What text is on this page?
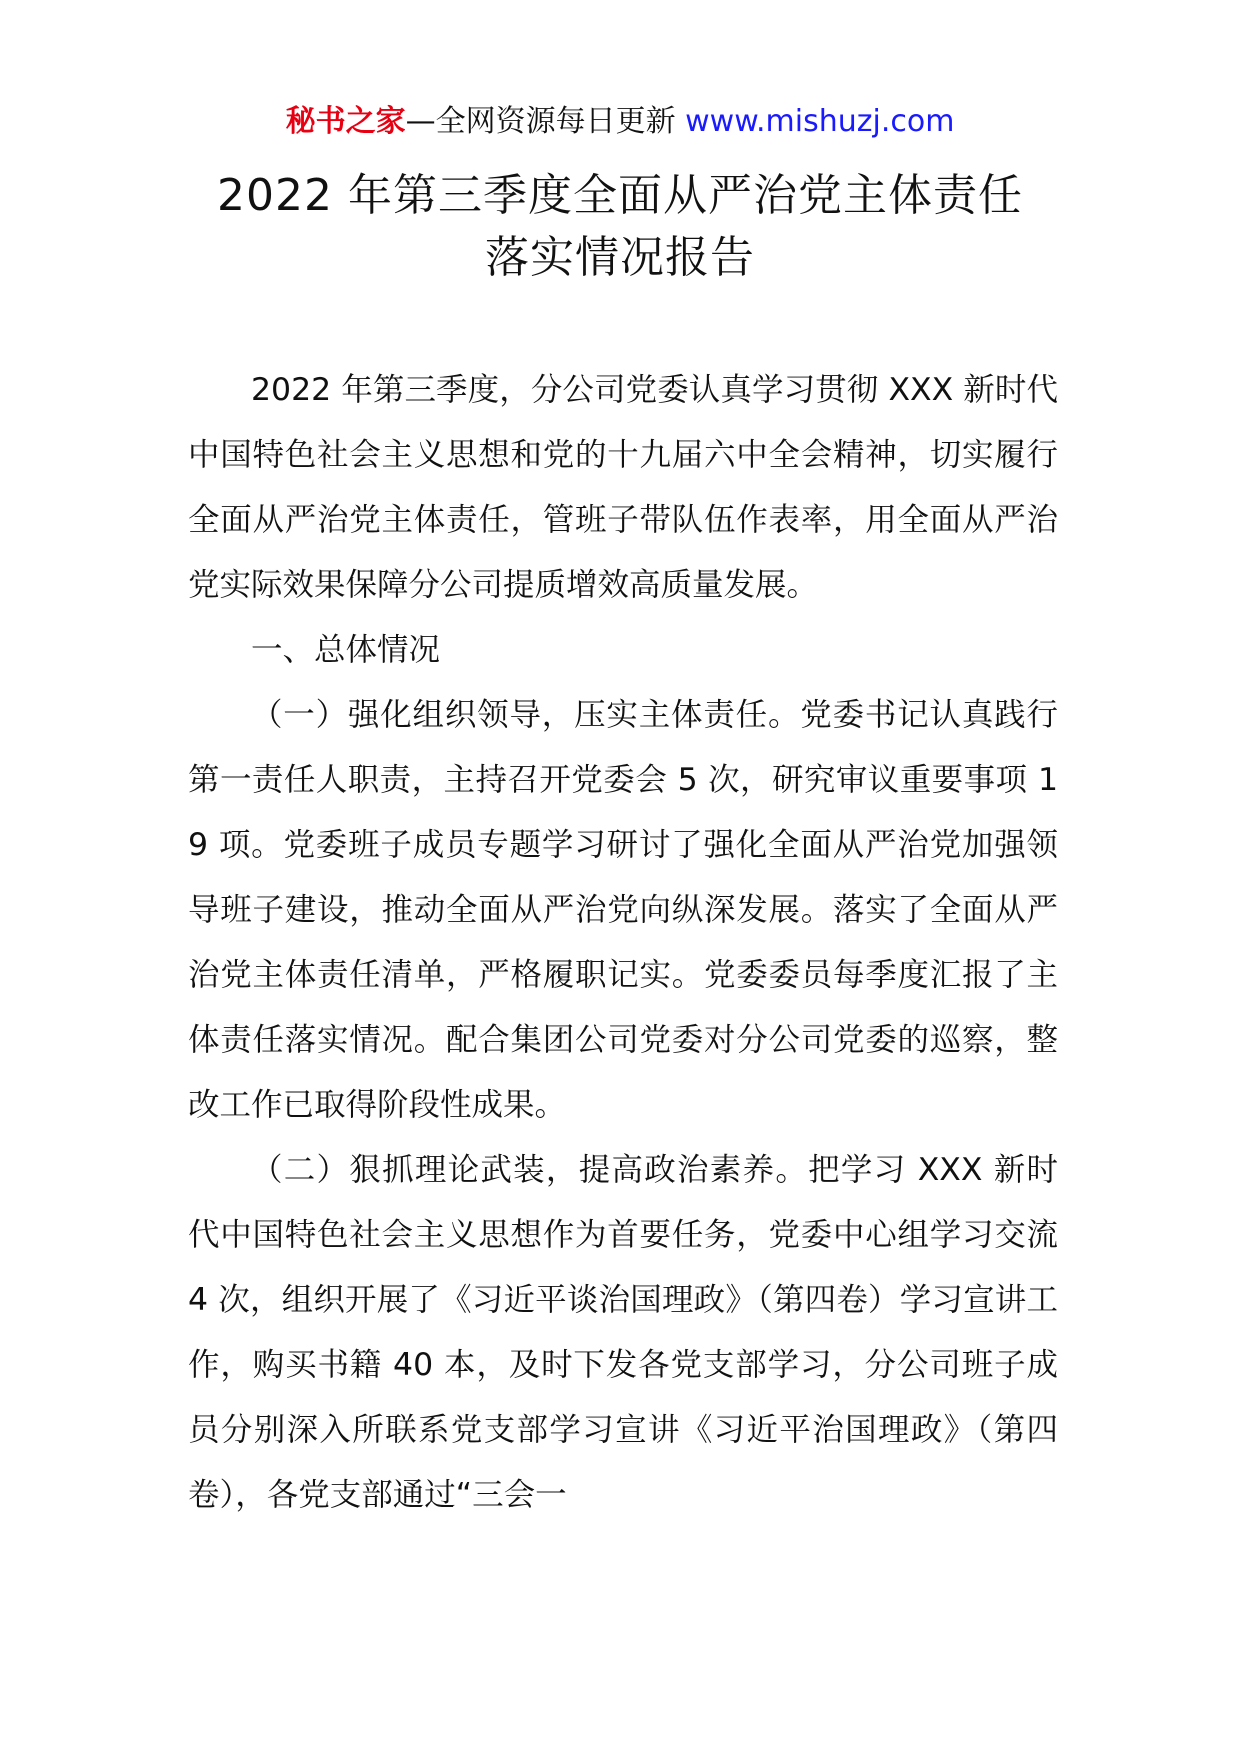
秘书之家—全网资源每日更新 www.mishuzj.com
2022 年第三季度全面从严治党主体责任
落实情况报告

2022 年第三季度，分公司党委认真学习贯彻 XXX 新时代中国特色社会主义思想和党的十九届六中全会精神，切实履行全面从严治党主体责任，管班子带队伍作表率，用全面从严治党实际效果保障分公司提质增效高质量发展。

一、总体情况

（一）强化组织领导，压实主体责任。党委书记认真践行第一责任人职责，主持召开党委会 5 次，研究审议重要事项 19 项。党委班子成员专题学习研讨了强化全面从严治党加强领导班子建设，推动全面从严治党向纵深发展。落实了全面从严治党主体责任清单，严格履职记实。党委委员每季度汇报了主体责任落实情况。配合集团公司党委对分公司党委的巡察，整改工作已取得阶段性成果。

（二）狠抓理论武装，提高政治素养。把学习 XXX 新时代中国特色社会主义思想作为首要任务，党委中心组学习交流 4 次，组织开展了《习近平谈治国理政》（第四卷）学习宣讲工作，购买书籍 40 本，及时下发各党支部学习，分公司班子成员分别深入所联系党支部学习宣讲《习近平治国理政》（第四卷），各党支部通过“三会一
